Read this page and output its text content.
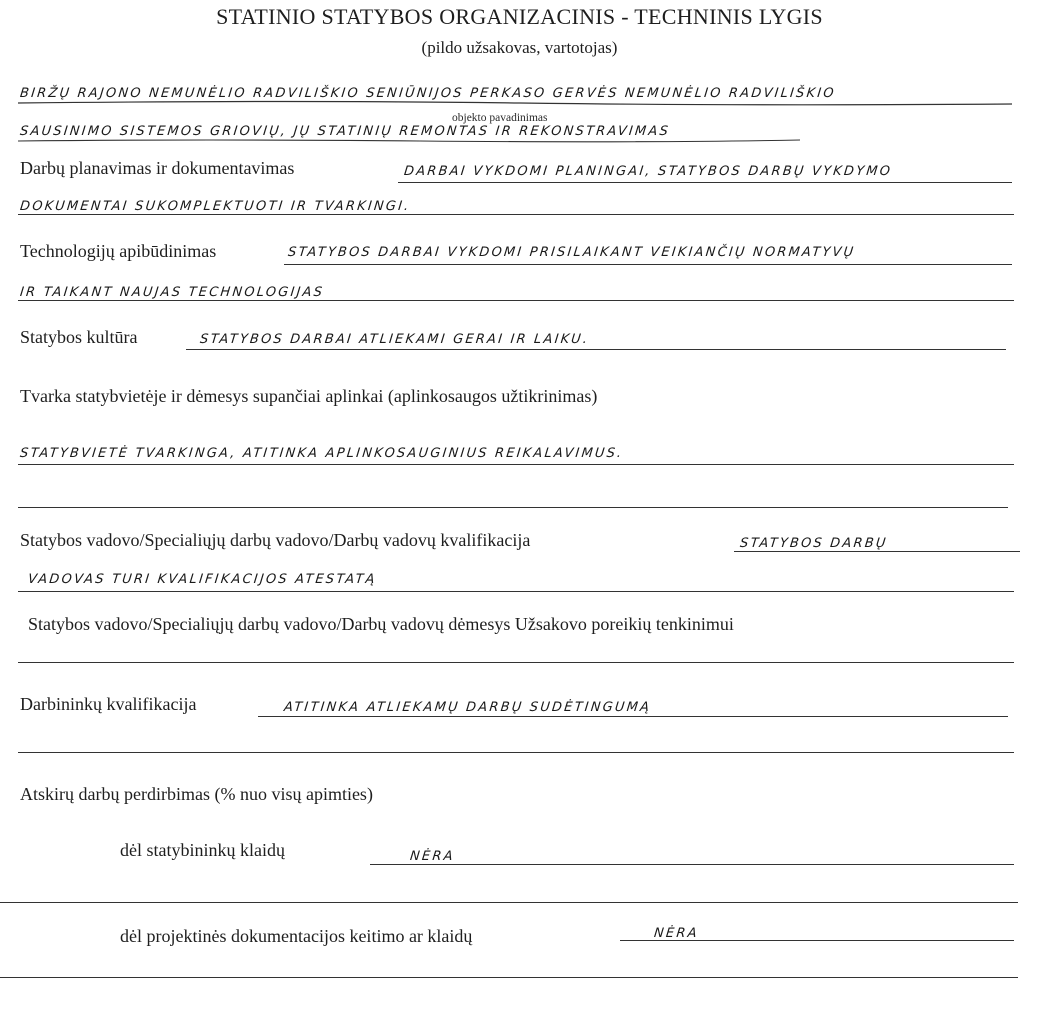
STATINIO STATYBOS ORGANIZACINIS - TECHNINIS LYGIS
(pildo užsakovas, vartotojas)
BIRŽŲ RAJONO NEMUNĖLIO RADVILIŠKIO SENIŪNIJOS PERKASO GERVĖS NEMUNĖLIO RADVILIŠKIO
objekto pavadinimas
SAUSINIMO SISTEMOS GRIOVIŲ, JŲ STATINIŲ REMONTAS IR REKONSTRAVIMAS
Darbų planavimas ir dokumentavimas	DARBAI VYKDOMI PLANINGAI, STATYBOS DARBŲ VYKDYMO
DOKUMENTAI SUKOMPLEKTUOTI IR TVARKINGI.
Technologijų apibūdinimas	STATYBOS DARBAI VYKDOMI PRISILAIKANT VEIKIANČIŲ NORMATYVŲ
IR TAIKANT NAUJAS TECHNOLOGIJAS
Statybos kultūra	STATYBOS DARBAI ATLIEKAMI GERAI IR LAIKU.
Tvarka statybvietėje ir dėmesys supančiai aplinkai (aplinkosaugos užtikrinimas)
STATYBVIETĖ TVARKINGA, ATITINKA APLINKOSAUGINIUS REIKALAVIMUS.
Statybos vadovo/Specialiųjų darbų vadovo/Darbų vadovų kvalifikacija	STATYBOS DARBŲ
VADOVAS TURI KVALIFIKACIJOS ATESTATĄ
Statybos vadovo/Specialiųjų darbų vadovo/Darbų vadovų dėmesys Užsakovo poreikių tenkinimui
Darbininkų kvalifikacija	ATITINKA ATLIEKAMŲ DARBŲ SUDĖTINGUMĄ
Atskirų darbų perdirbimas (% nuo visų apimties)
dėl statybininkų klaidų	NĖRA
dėl projektinės dokumentacijos keitimo ar klaidų	NĖRA
